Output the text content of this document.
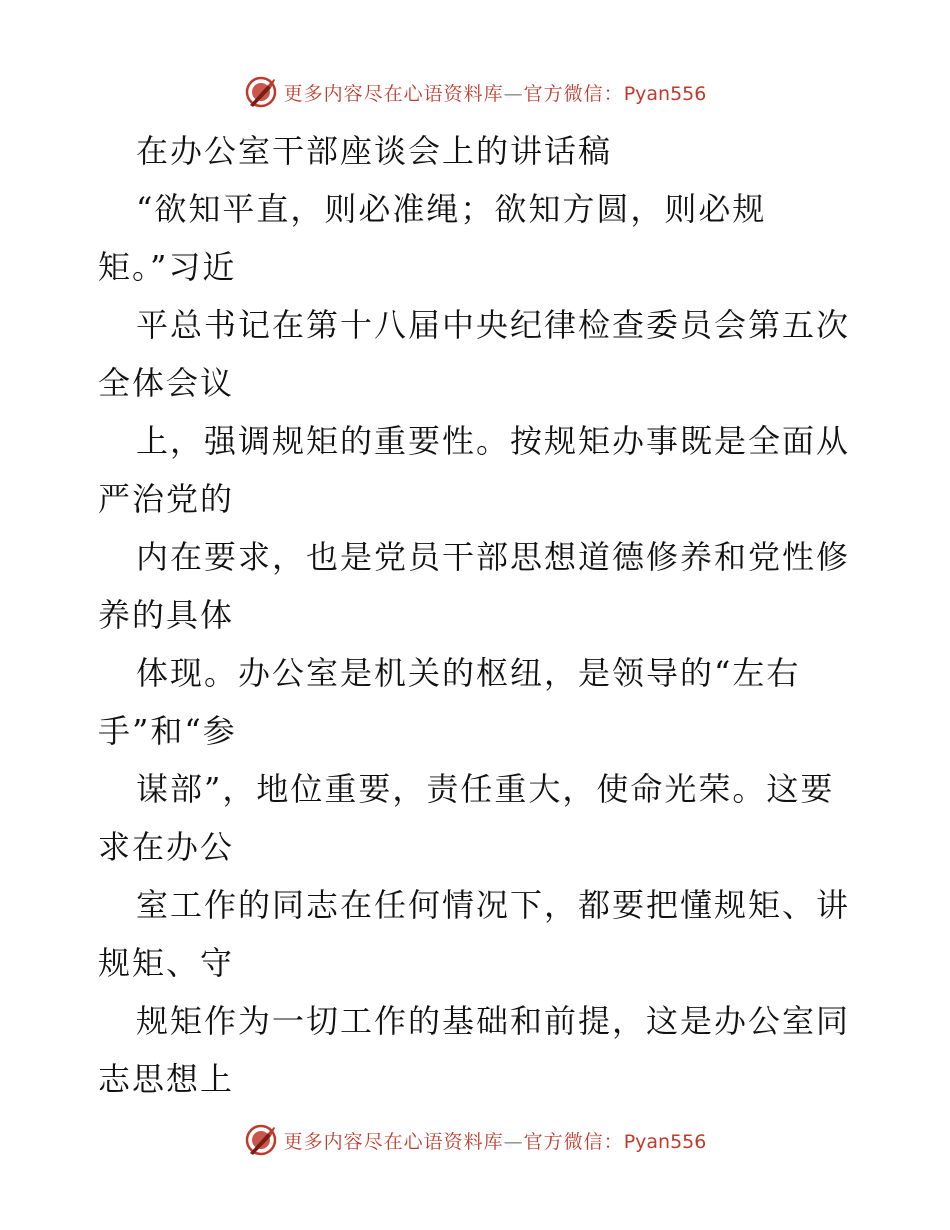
更多内容尽在心语资料库—官方微信：Pyan556
在办公室干部座谈会上的讲话稿
“欲知平直，则必准绳；欲知方圆，则必规
矩。”习近
平总书记在第十八届中央纪律检查委员会第五次
全体会议
上，强调规矩的重要性。按规矩办事既是全面从
严治党的
内在要求，也是党员干部思想道德修养和党性修
养的具体
体现。办公室是机关的枢纽，是领导的“左右
手”和“参
谋部”，地位重要，责任重大，使命光荣。这要
求在办公
室工作的同志在任何情况下，都要把懂规矩、讲
规矩、守
规矩作为一切工作的基础和前提，这是办公室同
志思想上
更多内容尽在心语资料库—官方微信：Pyan556
